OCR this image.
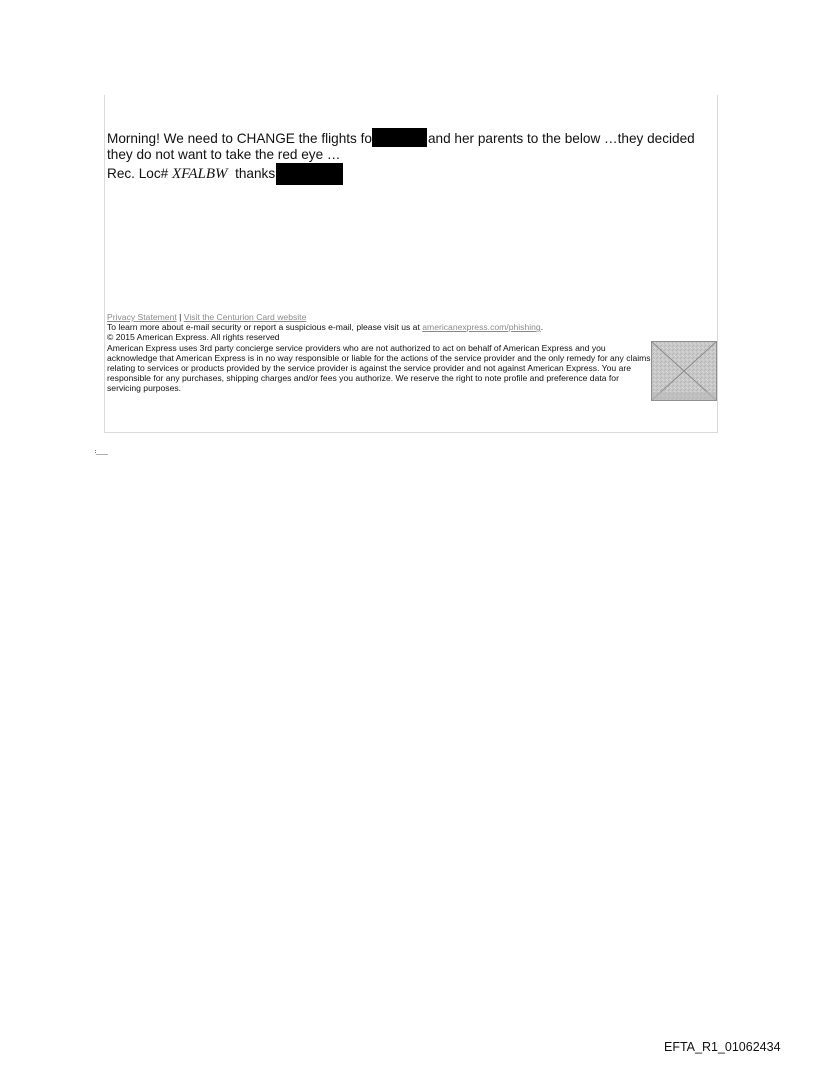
Morning! We need to CHANGE the flights fo	and her parents to the below …they decided
they do not want to take the red eye …
Rec. Loc# XFALBW  thanks

Privacy Statement | Visit the Centurion Card website

To learn more about e-mail security or report a suspicious e-mail, please visit us at americanexpress.com/phishing.

© 2015 American Express. All rights reserved

American Express uses 3rd party concierge service providers who are not authorized to act on behalf of American Express and you acknowledge that American Express is in no way responsible or liable for the actions of the service provider and the only remedy for any claims relating to services or products provided by the service provider is against the service provider and not against American Express. You are responsible for any purchases, shipping charges and/or fees you authorize. We reserve the right to note profile and preference data for servicing purposes.

EFTA_R1_01062434
